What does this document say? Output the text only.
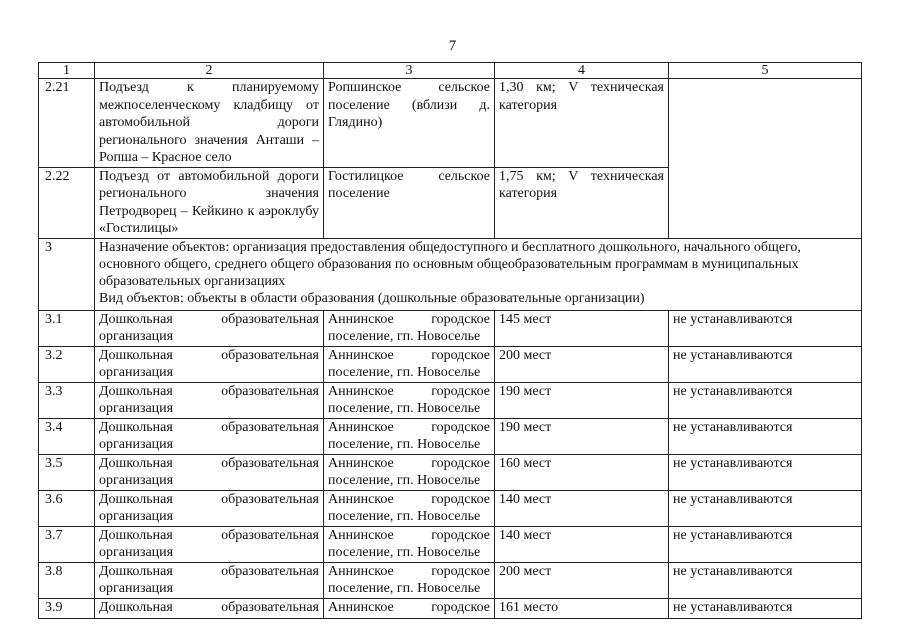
7
1	2	3	4	5
2.21	Подъезд к планируемому межпоселенческому кладбищу от автомобильной дороги регионального значения Анташи – Ропша – Красное село	Ропшинское сельское поселение (вблизи д. Глядино)	1,30 км; V техническая категория	
2.22	Подъезд от автомобильной дороги регионального значения Петродворец – Кейкино к аэроклубу «Гостилицы»	Гостилицкое сельское поселение	1,75 км; V техническая категория	
3	Назначение объектов: организация предоставления общедоступного и бесплатного дошкольного, начального общего, основного общего, среднего общего образования по основным общеобразовательным программам в муниципальных образовательных организациях
Вид объектов: объекты в области образования (дошкольные образовательные организации)			

3.1	Дошкольная образовательная организация	Аннинское городское поселение, гп. Новоселье	145 мест	не устанавливаются
3.2	Дошкольная образовательная организация	Аннинское городское поселение, гп. Новоселье	200 мест	не устанавливаются
3.3	Дошкольная образовательная организация	Аннинское городское поселение, гп. Новоселье	190 мест	не устанавливаются
3.4	Дошкольная образовательная организация	Аннинское городское поселение, гп. Новоселье	190 мест	не устанавливаются
3.5	Дошкольная образовательная организация	Аннинское городское поселение, гп. Новоселье	160 мест	не устанавливаются
3.6	Дошкольная образовательная организация	Аннинское городское поселение, гп. Новоселье	140 мест	не устанавливаются
3.7	Дошкольная образовательная организация	Аннинское городское поселение, гп. Новоселье	140 мест	не устанавливаются
3.8	Дошкольная образовательная организация	Аннинское городское поселение, гп. Новоселье	200 мест	не устанавливаются
3.9	Дошкольная образовательная	Аннинское городское	161 место	не устанавливаются
